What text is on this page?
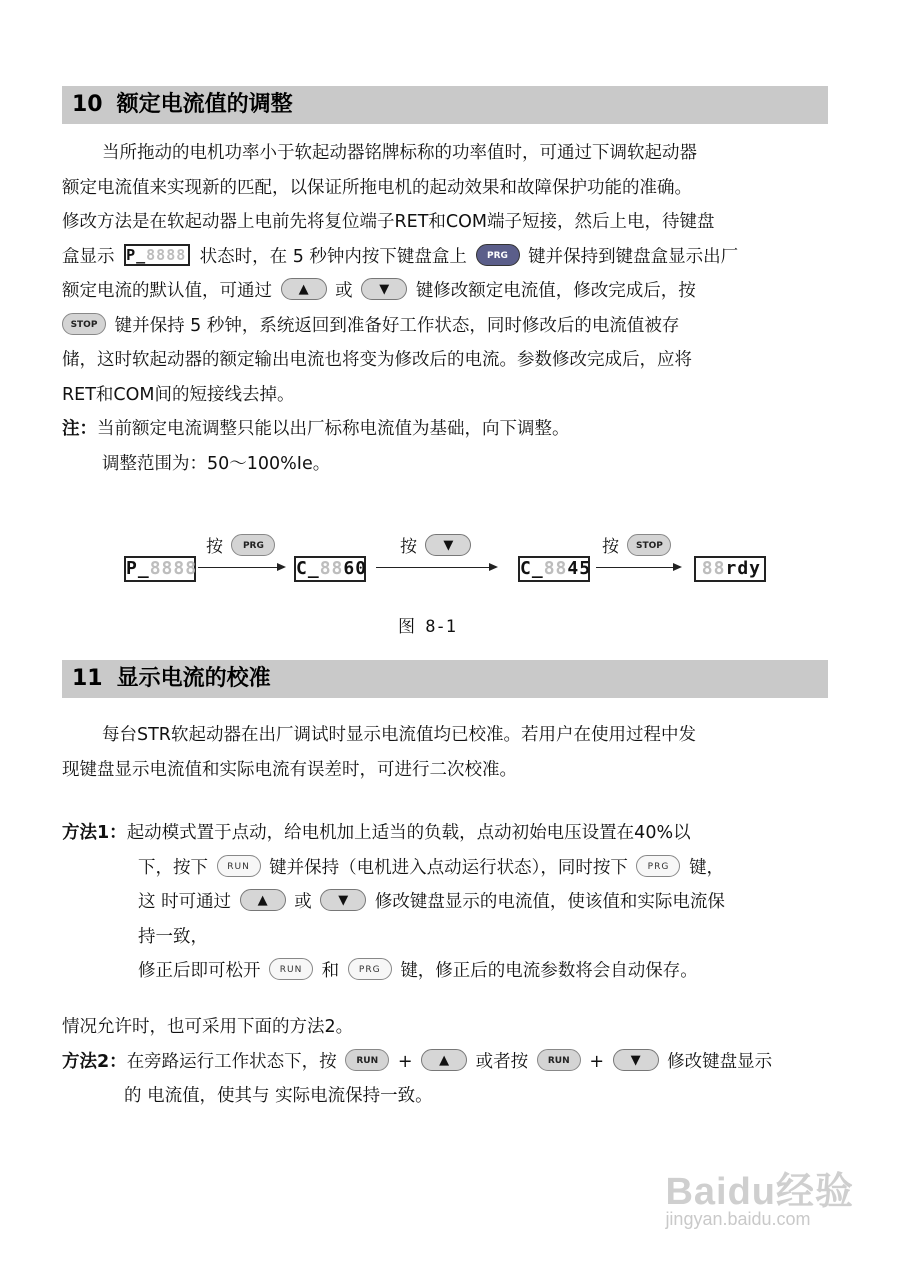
10 额定电流值的调整
当所拖动的电机功率小于软起动器铭牌标称的功率值时，可通过下调软起动器
额定电流值来实现新的匹配，以保证所拖电机的起动效果和故障保护功能的准确。
修改方法是在软起动器上电前先将复位端子RET和COM端子短接，然后上电，待键盘
盒显示 P_8888 状态时，在 5 秒钟内按下键盘盒上 PRG 键并保持到键盘盒显示出厂
额定电流的默认值，可通过 ▲ 或 ▼ 键修改额定电流值，修改完成后，按
STOP 键并保持 5 秒钟，系统返回到准备好工作状态，同时修改后的电流值被存
储，这时软起动器的额定输出电流也将变为修改后的电流。参数修改完成后，应将
RET和COM间的短接线去掉。
注：当前额定电流调整只能以出厂标称电流值为基础，向下调整。
调整范围为：50～100%Ie。
P_8888
按 PRG
C_8860
按 ▼
C_8845
按 STOP
88rdy
图 8-1
11 显示电流的校准
每台STR软起动器在出厂调试时显示电流值均已校准。若用户在使用过程中发
现键盘显示电流值和实际电流有误差时，可进行二次校准。
方法1：起动模式置于点动，给电机加上适当的负载，点动初始电压设置在40%以
下，按下 RUN 键并保持（电机进入点动运行状态），同时按下 PRG 键，
这 时可通过 ▲ 或 ▼ 修改键盘显示的电流值，使该值和实际电流保
持一致，
修正后即可松开 RUN 和 PRG 键，修正后的电流参数将会自动保存。
情况允许时，也可采用下面的方法2。
方法2：在旁路运行工作状态下，按 RUN + ▲ 或者按 RUN + ▼ 修改键盘显示
的 电流值，使其与 实际电流保持一致。
Baidu经验
jingyan.baidu.com
